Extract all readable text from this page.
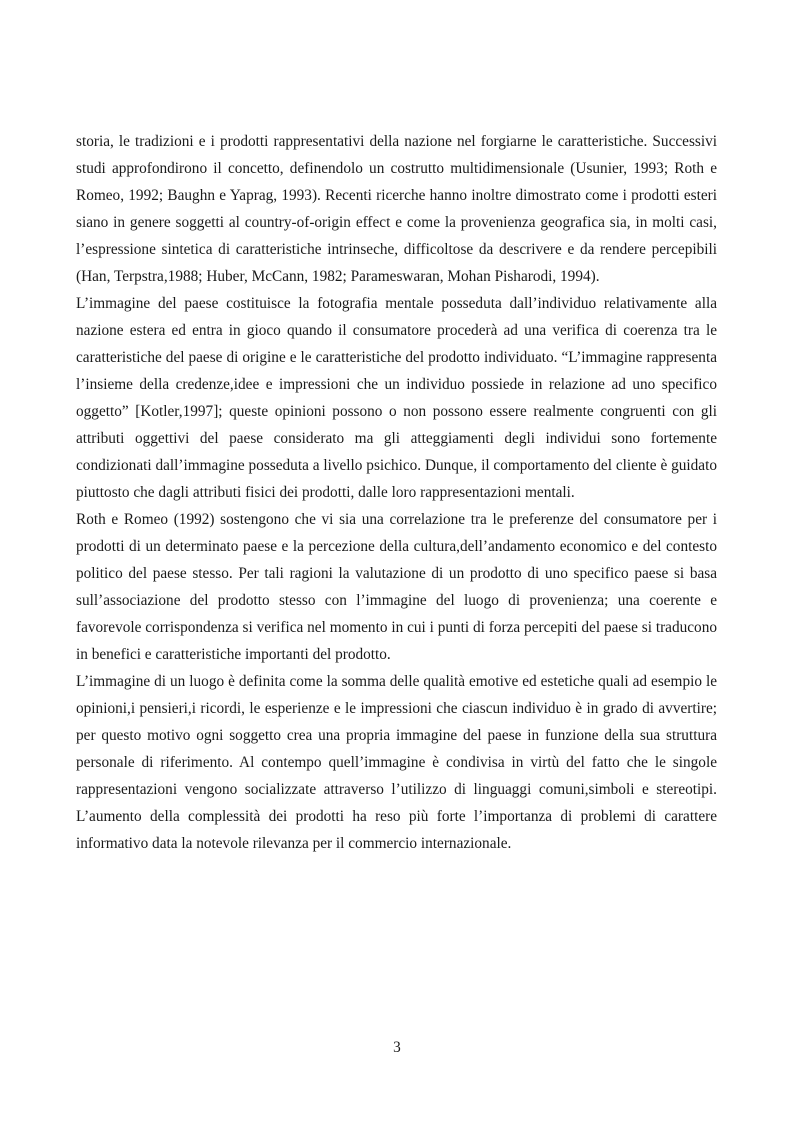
storia, le tradizioni e i prodotti rappresentativi della nazione nel forgiarne le caratteristiche. Successivi studi approfondirono il concetto, definendolo un costrutto multidimensionale (Usunier, 1993; Roth e Romeo, 1992; Baughn e Yaprag, 1993). Recenti ricerche hanno inoltre dimostrato come i prodotti esteri siano in genere soggetti al country-of-origin effect e come la provenienza geografica sia, in molti casi, l’espressione sintetica di caratteristiche intrinseche, difficoltose da descrivere e da rendere percepibili (Han, Terpstra,1988; Huber, McCann, 1982; Parameswaran, Mohan Pisharodi, 1994).

L’immagine del paese costituisce la fotografia mentale posseduta dall’individuo relativamente alla nazione estera ed entra in gioco quando il consumatore procederà ad una verifica di coerenza tra le caratteristiche del paese di origine e le caratteristiche del prodotto individuato. “L’immagine rappresenta l’insieme della credenze,idee e impressioni che un individuo possiede in relazione ad uno specifico oggetto” [Kotler,1997]; queste opinioni possono o non possono essere realmente congruenti con gli attributi oggettivi del paese considerato ma gli atteggiamenti degli individui sono fortemente condizionati dall’immagine posseduta a livello psichico. Dunque, il comportamento del cliente è guidato piuttosto che dagli attributi fisici dei prodotti, dalle loro rappresentazioni mentali.

Roth e Romeo (1992) sostengono che vi sia una correlazione tra le preferenze del consumatore per i prodotti di un determinato paese e la percezione della cultura,dell’andamento economico e del contesto politico del paese stesso. Per tali ragioni la valutazione di un prodotto di uno specifico paese si basa sull’associazione del prodotto stesso con l’immagine del luogo di provenienza; una coerente e favorevole corrispondenza si verifica nel momento in cui i punti di forza percepiti del paese si traducono in benefici e caratteristiche importanti del prodotto.

L’immagine di un luogo è definita come la somma delle qualità emotive ed estetiche quali ad esempio le opinioni,i pensieri,i ricordi, le esperienze e le impressioni che ciascun individuo è in grado di avvertire; per questo motivo ogni soggetto crea una propria immagine del paese in funzione della sua struttura personale di riferimento. Al contempo quell’immagine è condivisa in virtù del fatto che le singole rappresentazioni vengono socializzate attraverso l’utilizzo di linguaggi comuni,simboli e stereotipi. L’aumento della complessità dei prodotti ha reso più forte l’importanza di problemi di carattere informativo data la notevole rilevanza per il commercio internazionale.

3
